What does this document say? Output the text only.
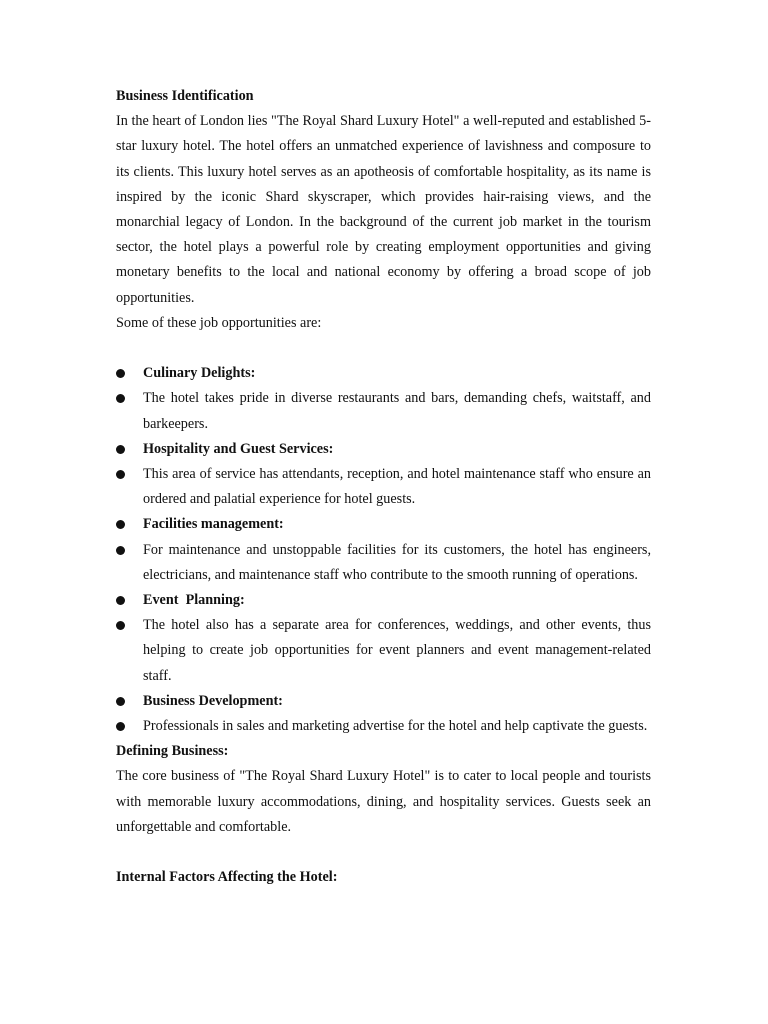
Business Identification

In the heart of London lies "The Royal Shard Luxury Hotel" a well-reputed and established 5-star luxury hotel. The hotel offers an unmatched experience of lavishness and composure to its clients. This luxury hotel serves as an apotheosis of comfortable hospitality, as its name is inspired by the iconic Shard skyscraper, which provides hair-raising views, and the monarchial legacy of London. In the background of the current job market in the tourism sector, the hotel plays a powerful role by creating employment opportunities and giving monetary benefits to the local and national economy by offering a broad scope of job opportunities.

Some of these job opportunities are:

Culinary Delights:
The hotel takes pride in diverse restaurants and bars, demanding chefs, waitstaff, and barkeepers.
Hospitality and Guest Services:
This area of service has attendants, reception, and hotel maintenance staff who ensure an ordered and palatial experience for hotel guests.
Facilities management:
For maintenance and unstoppable facilities for its customers, the hotel has engineers, electricians, and maintenance staff who contribute to the smooth running of operations.
Event  Planning:
The hotel also has a separate area for conferences, weddings, and other events, thus helping to create job opportunities for event planners and event management-related staff.
Business Development:
Professionals in sales and marketing advertise for the hotel and help captivate the guests.

Defining Business:

The core business of "The Royal Shard Luxury Hotel" is to cater to local people and tourists with memorable luxury accommodations, dining, and hospitality services. Guests seek an unforgettable and comfortable.

Internal Factors Affecting the Hotel:
